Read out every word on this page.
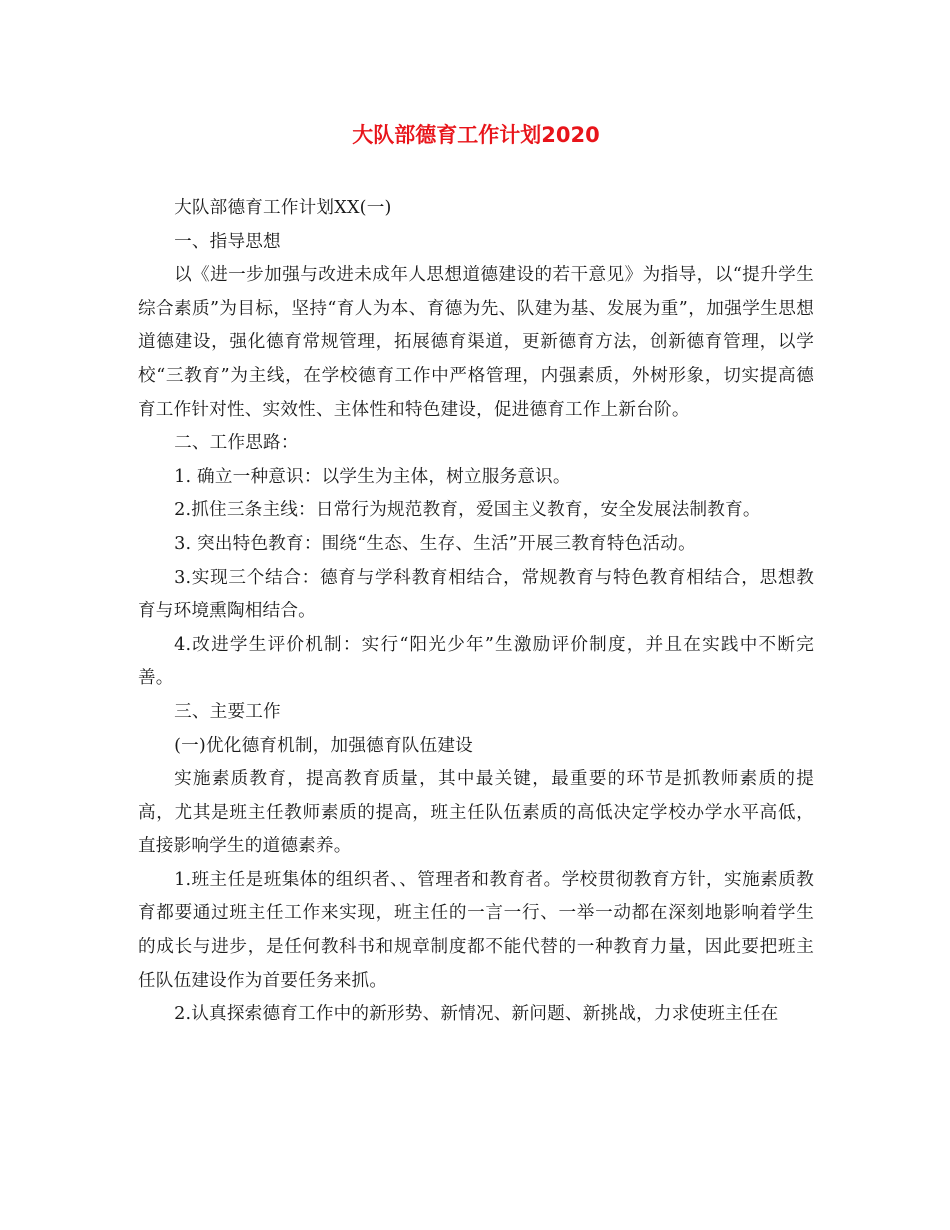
大队部德育工作计划2020

大队部德育工作计划XX(一)

一、指导思想

以《进一步加强与改进未成年人思想道德建设的若干意见》为指导，以“提升学生综合素质”为目标，坚持“育人为本、育德为先、队建为基、发展为重”，加强学生思想道德建设，强化德育常规管理，拓展德育渠道，更新德育方法，创新德育管理，以学校“三教育”为主线，在学校德育工作中严格管理，内强素质，外树形象，切实提高德育工作针对性、实效性、主体性和特色建设，促进德育工作上新台阶。

二、工作思路：

1. 确立一种意识：以学生为主体，树立服务意识。

2.抓住三条主线：日常行为规范教育，爱国主义教育，安全发展法制教育。

3. 突出特色教育：围绕“生态、生存、生活”开展三教育特色活动。

3.实现三个结合：德育与学科教育相结合，常规教育与特色教育相结合，思想教育与环境熏陶相结合。

4.改进学生评价机制：实行“阳光少年”生激励评价制度，并且在实践中不断完善。

三、主要工作

(一)优化德育机制，加强德育队伍建设

实施素质教育，提高教育质量，其中最关键，最重要的环节是抓教师素质的提高，尤其是班主任教师素质的提高，班主任队伍素质的高低决定学校办学水平高低，直接影响学生的道德素养。

1.班主任是班集体的组织者、、管理者和教育者。学校贯彻教育方针，实施素质教育都要通过班主任工作来实现，班主任的一言一行、一举一动都在深刻地影响着学生的成长与进步，是任何教科书和规章制度都不能代替的一种教育力量，因此要把班主任队伍建设作为首要任务来抓。

2.认真探索德育工作中的新形势、新情况、新问题、新挑战，力求使班主任在
